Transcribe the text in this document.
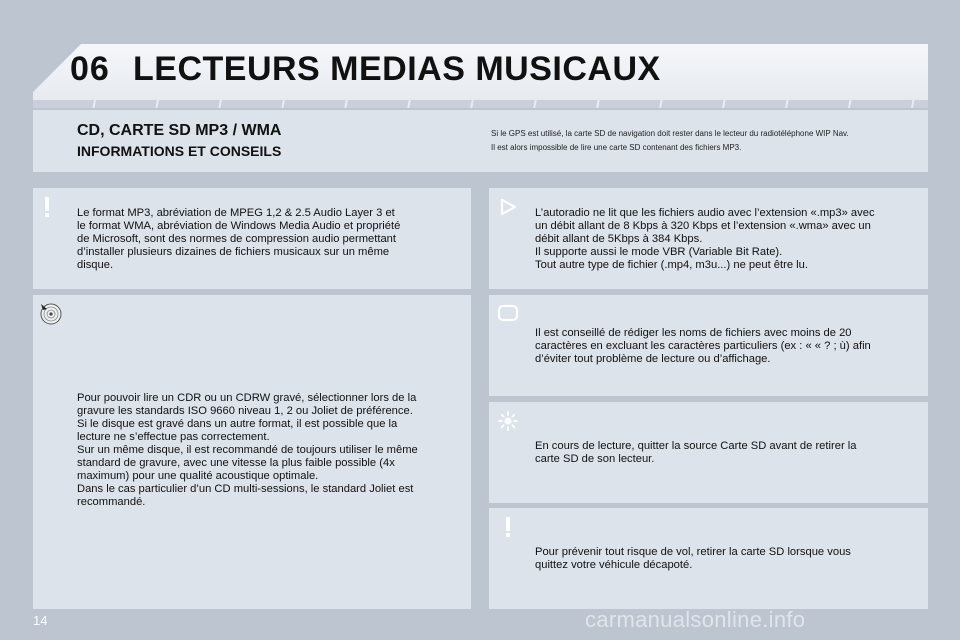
06 LECTEURS MEDIAS MUSICAUX
CD, CARTE SD MP3 / WMA
INFORMATIONS ET CONSEILS
Si le GPS est utilisé, la carte SD de navigation doit rester dans le lecteur du radiotéléphone WIP Nav.
Il est alors impossible de lire une carte SD contenant des fichiers MP3.
Le format MP3, abréviation de MPEG 1,2 & 2.5 Audio Layer 3 et
le format WMA, abréviation de Windows Media Audio et propriété
de Microsoft, sont des normes de compression audio permettant
d’installer plusieurs dizaines de fichiers musicaux sur un même
disque.
Pour pouvoir lire un CDR ou un CDRW gravé, sélectionner lors de la
gravure les standards ISO 9660 niveau 1, 2 ou Joliet de préférence.
Si le disque est gravé dans un autre format, il est possible que la
lecture ne s’effectue pas correctement.
Sur un même disque, il est recommandé de toujours utiliser le même
standard de gravure, avec une vitesse la plus faible possible (4x
maximum) pour une qualité acoustique optimale.
Dans le cas particulier d’un CD multi-sessions, le standard Joliet est
recommandé.
L’autoradio ne lit que les fichiers audio avec l’extension «.mp3» avec
un débit allant de 8 Kbps à 320 Kbps et l’extension «.wma» avec un
débit allant de 5Kbps à 384 Kbps.
Il supporte aussi le mode VBR (Variable Bit Rate).
Tout autre type de fichier (.mp4, m3u...) ne peut être lu.
Il est conseillé de rédiger les noms de fichiers avec moins de 20
caractères en excluant les caractères particuliers (ex : « « ? ; ù) afin
d’éviter tout problème de lecture ou d’affichage.
En cours de lecture, quitter la source Carte SD avant de retirer la
carte SD de son lecteur.
Pour prévenir tout risque de vol, retirer la carte SD lorsque vous
quittez votre véhicule décapoté.
14	carmanualsonline.info
